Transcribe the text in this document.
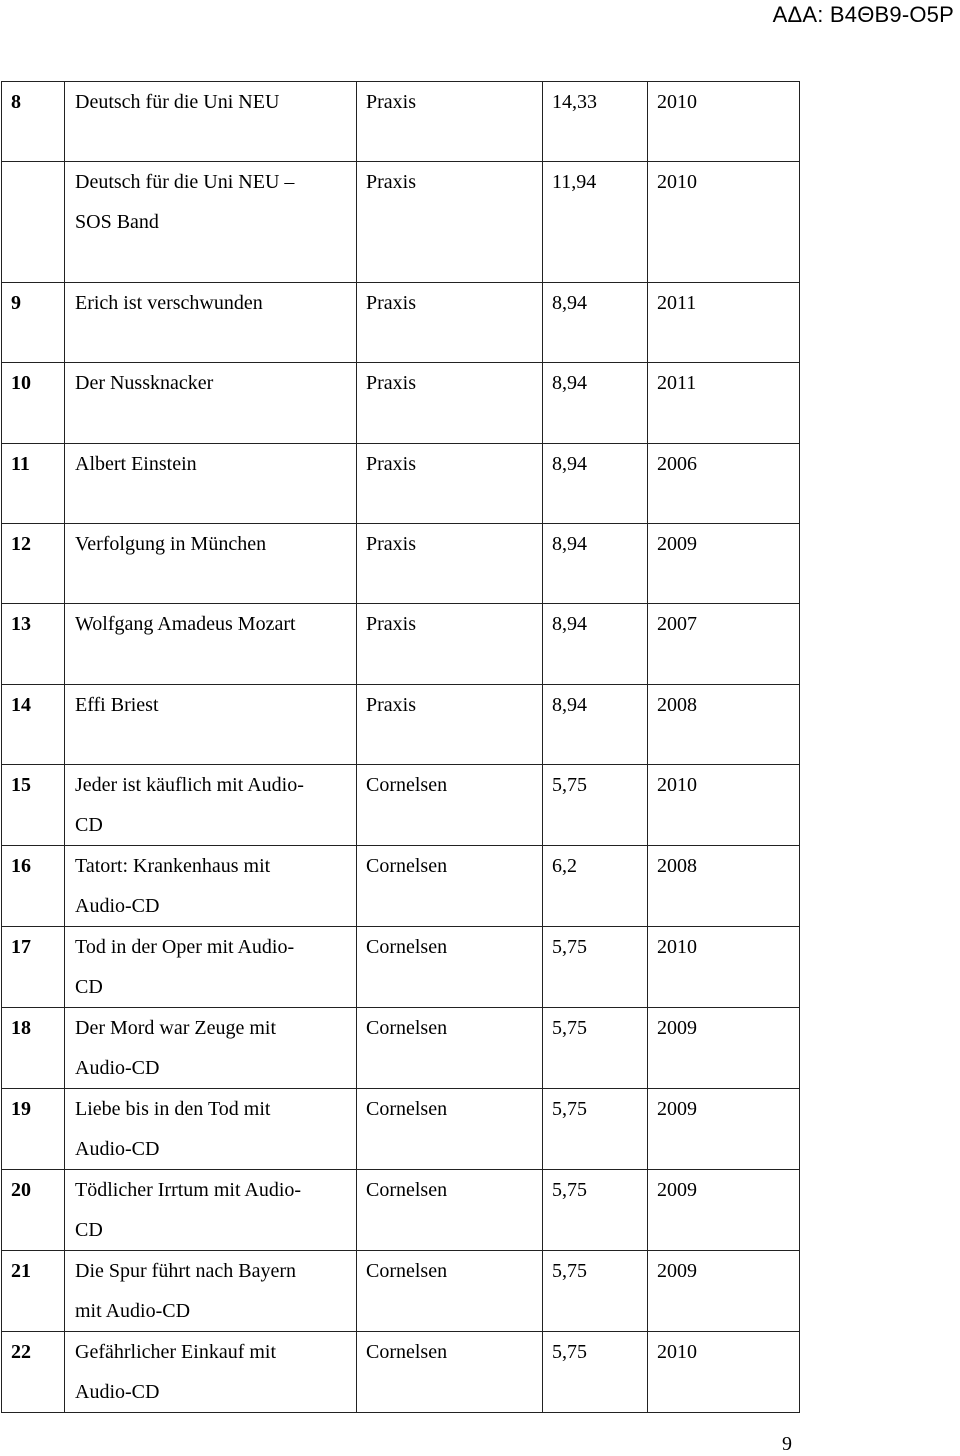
ΑΔΑ: Β4ΘΒ9-Ο5Ρ
8	Deutsch für die Uni NEU	Praxis	14,33	2010

	Deutsch für die Uni NEU –
SOS Band	Praxis	11,94	2010
9	Erich ist verschwunden	Praxis	8,94	2011
10	Der Nussknacker	Praxis	8,94	2011
11	Albert Einstein	Praxis	8,94	2006
12	Verfolgung in München	Praxis	8,94	2009
13	Wolfgang Amadeus Mozart	Praxis	8,94	2007
14	Effi Briest	Praxis	8,94	2008
15	Jeder ist käuflich mit Audio-
CD	Cornelsen	5,75	2010
16	Tatort: Krankenhaus mit
Audio-CD	Cornelsen	6,2	2008
17	Tod in der Oper mit Audio-
CD	Cornelsen	5,75	2010
18	Der Mord war Zeuge mit
Audio-CD	Cornelsen	5,75	2009
19	Liebe bis in den Tod mit
Audio-CD	Cornelsen	5,75	2009
20	Tödlicher Irrtum mit Audio-
CD	Cornelsen	5,75	2009
21	Die Spur führt nach Bayern
mit Audio-CD	Cornelsen	5,75	2009
22	Gefährlicher Einkauf mit
Audio-CD	Cornelsen	5,75	2010
9
